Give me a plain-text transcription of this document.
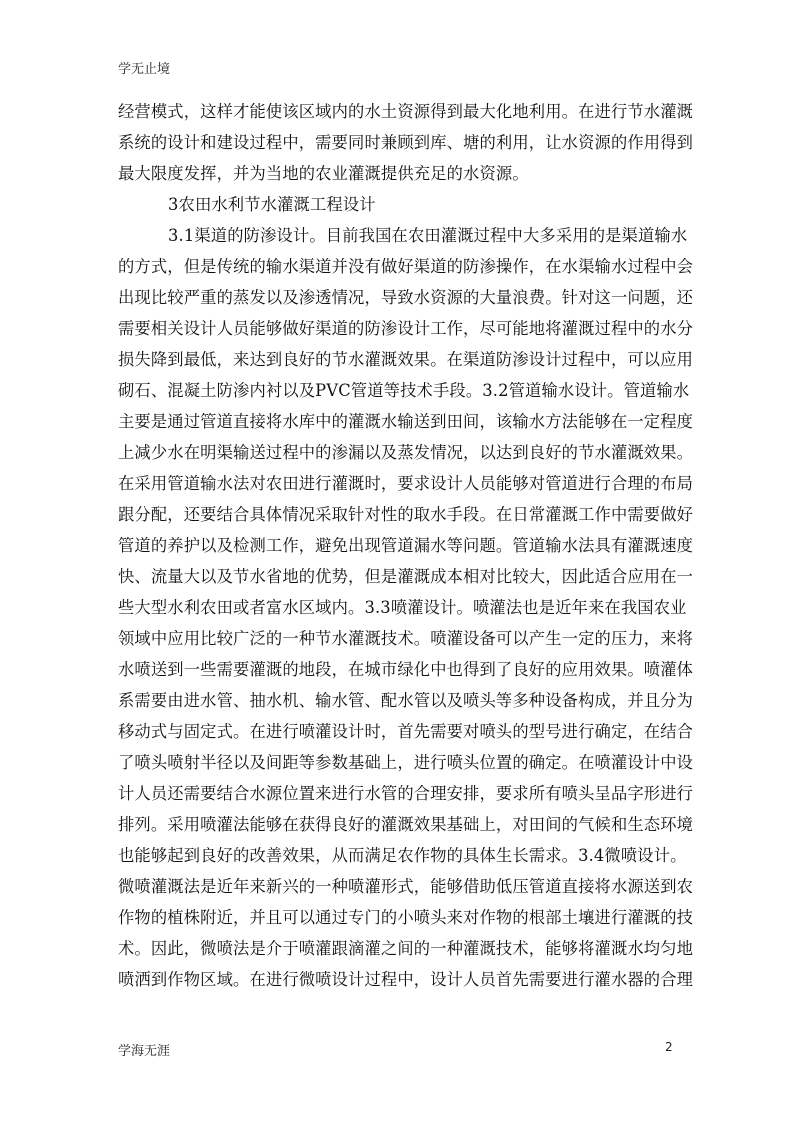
学无止境
经营模式，这样才能使该区域内的水土资源得到最大化地利用。在进行节水灌溉
系统的设计和建设过程中，需要同时兼顾到库、塘的利用，让水资源的作用得到
最大限度发挥，并为当地的农业灌溉提供充足的水资源。
3农田水利节水灌溉工程设计
3.1渠道的防渗设计。目前我国在农田灌溉过程中大多采用的是渠道输水
的方式，但是传统的输水渠道并没有做好渠道的防渗操作，在水渠输水过程中会
出现比较严重的蒸发以及渗透情况，导致水资源的大量浪费。针对这一问题，还
需要相关设计人员能够做好渠道的防渗设计工作，尽可能地将灌溉过程中的水分
损失降到最低，来达到良好的节水灌溉效果。在渠道防渗设计过程中，可以应用
砌石、混凝土防渗内衬以及PVC管道等技术手段。3.2管道输水设计。管道输水
主要是通过管道直接将水库中的灌溉水输送到田间，该输水方法能够在一定程度
上减少水在明渠输送过程中的渗漏以及蒸发情况，以达到良好的节水灌溉效果。
在采用管道输水法对农田进行灌溉时，要求设计人员能够对管道进行合理的布局
跟分配，还要结合具体情况采取针对性的取水手段。在日常灌溉工作中需要做好
管道的养护以及检测工作，避免出现管道漏水等问题。管道输水法具有灌溉速度
快、流量大以及节水省地的优势，但是灌溉成本相对比较大，因此适合应用在一
些大型水利农田或者富水区域内。3.3喷灌设计。喷灌法也是近年来在我国农业
领域中应用比较广泛的一种节水灌溉技术。喷灌设备可以产生一定的压力，来将
水喷送到一些需要灌溉的地段，在城市绿化中也得到了良好的应用效果。喷灌体
系需要由进水管、抽水机、输水管、配水管以及喷头等多种设备构成，并且分为
移动式与固定式。在进行喷灌设计时，首先需要对喷头的型号进行确定，在结合
了喷头喷射半径以及间距等参数基础上，进行喷头位置的确定。在喷灌设计中设
计人员还需要结合水源位置来进行水管的合理安排，要求所有喷头呈品字形进行
排列。采用喷灌法能够在获得良好的灌溉效果基础上，对田间的气候和生态环境
也能够起到良好的改善效果，从而满足农作物的具体生长需求。3.4微喷设计。
微喷灌溉法是近年来新兴的一种喷灌形式，能够借助低压管道直接将水源送到农
作物的植株附近，并且可以通过专门的小喷头来对作物的根部土壤进行灌溉的技
术。因此，微喷法是介于喷灌跟滴灌之间的一种灌溉技术，能够将灌溉水均匀地
喷洒到作物区域。在进行微喷设计过程中，设计人员首先需要进行灌水器的合理
学海无涯	2
